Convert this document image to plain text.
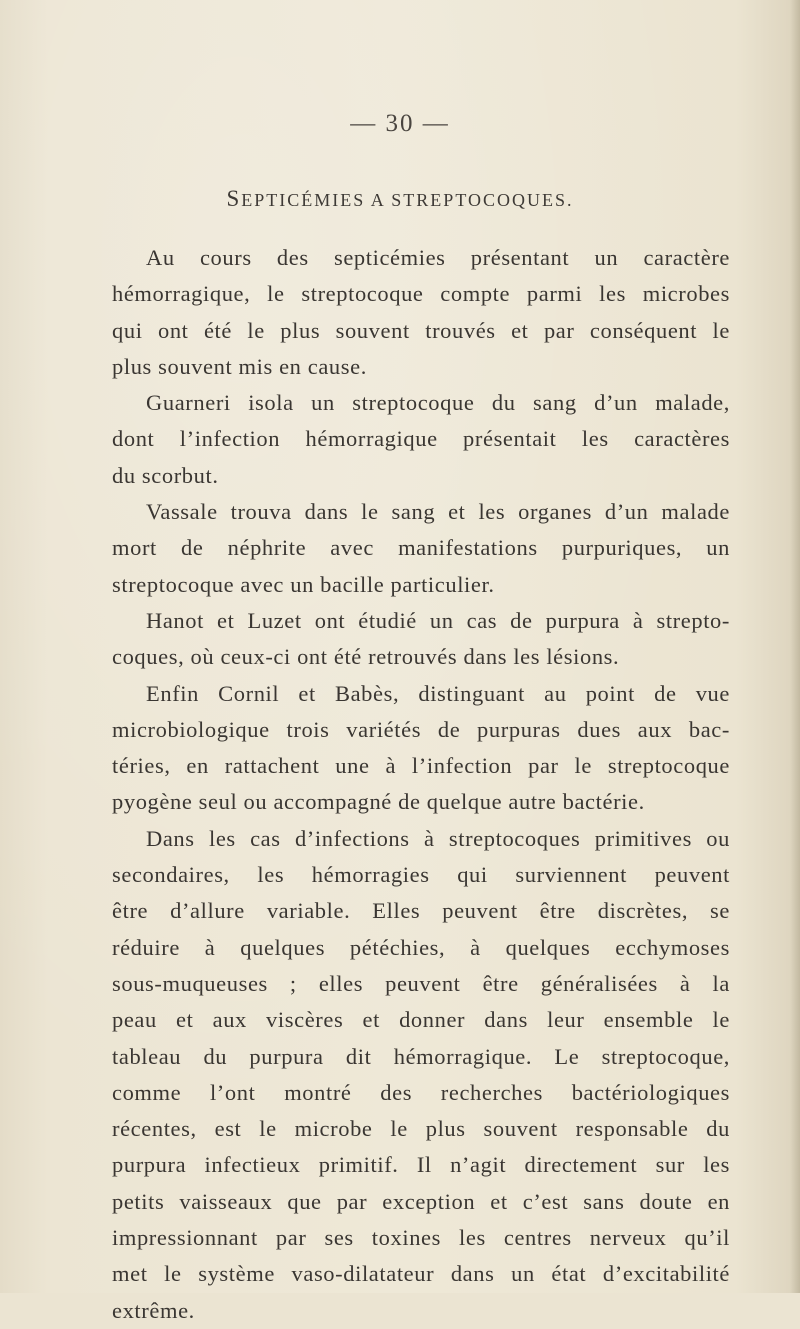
— 30 —
SEPTICÉMIES A STREPTOCOQUES.
Au cours des septicémies présentant un caractère
hémorragique, le streptocoque compte parmi les microbes
qui ont été le plus souvent trouvés et par conséquent le
plus souvent mis en cause.
Guarneri isola un streptocoque du sang d’un malade,
dont l’infection hémorragique présentait les caractères
du scorbut.
Vassale trouva dans le sang et les organes d’un malade
mort de néphrite avec manifestations purpuriques, un
streptocoque avec un bacille particulier.
Hanot et Luzet ont étudié un cas de purpura à strepto-
coques, où ceux-ci ont été retrouvés dans les lésions.
Enfin Cornil et Babès, distinguant au point de vue
microbiologique trois variétés de purpuras dues aux bac-
téries, en rattachent une à l’infection par le streptocoque
pyogène seul ou accompagné de quelque autre bactérie.
Dans les cas d’infections à streptocoques primitives ou
secondaires, les hémorragies qui surviennent peuvent
être d’allure variable. Elles peuvent être discrètes, se
réduire à quelques pétéchies, à quelques ecchymoses
sous-muqueuses ; elles peuvent être généralisées à la
peau et aux viscères et donner dans leur ensemble le
tableau du purpura dit hémorragique. Le streptocoque,
comme l’ont montré des recherches bactériologiques
récentes, est le microbe le plus souvent responsable du
purpura infectieux primitif. Il n’agit directement sur les
petits vaisseaux que par exception et c’est sans doute en
impressionnant par ses toxines les centres nerveux qu’il
met le système vaso-dilatateur dans un état d’excitabilité
extrême.
